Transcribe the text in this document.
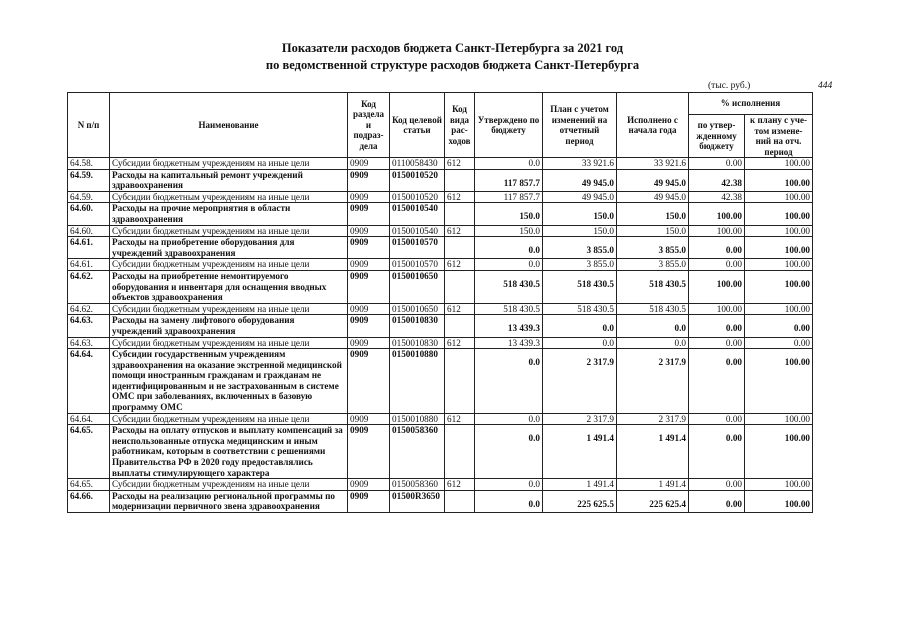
Показатели расходов бюджета Санкт-Петербурга за 2021 год
по ведомственной структуре расходов бюджета Санкт-Петербурга
(тыс. руб.)	444
N п/п	Наименование	Код раздела и подраз-дела	Код целевой статьи	Код вида рас-ходов	Утверждено по бюджету	План с учетом изменений на отчетный период	Исполнено с начала года	% исполнения	
								по утвер-жденному бюджету	к плану с уче-том измене-ний на отч. период
64.58.	Субсидии бюджетным учреждениям на иные цели	0909	0110058430	612	0.0	33 921.6	33 921.6	0.00	100.00
64.59.	Расходы на капитальный ремонт учреждений здравоохранения	0909	0150010520		117 857.7	49 945.0	49 945.0	42.38	100.00
64.59.	Субсидии бюджетным учреждениям на иные цели	0909	0150010520	612	117 857.7	49 945.0	49 945.0	42.38	100.00
64.60.	Расходы на прочие мероприятия в области здравоохранения	0909	0150010540		150.0	150.0	150.0	100.00	100.00
64.60.	Субсидии бюджетным учреждениям на иные цели	0909	0150010540	612	150.0	150.0	150.0	100.00	100.00
64.61.	Расходы на приобретение оборудования для учреждений здравоохранения	0909	0150010570		0.0	3 855.0	3 855.0	0.00	100.00
64.61.	Субсидии бюджетным учреждениям на иные цели	0909	0150010570	612	0.0	3 855.0	3 855.0	0.00	100.00
64.62.	Расходы на приобретение немонтируемого оборудования и инвентаря для оснащения вводных объектов здравоохранения	0909	0150010650		518 430.5	518 430.5	518 430.5	100.00	100.00
64.62.	Субсидии бюджетным учреждениям на иные цели	0909	0150010650	612	518 430.5	518 430.5	518 430.5	100.00	100.00
64.63.	Расходы на замену лифтового оборудования учреждений здравоохранения	0909	0150010830		13 439.3	0.0	0.0	0.00	0.00
64.63.	Субсидии бюджетным учреждениям на иные цели	0909	0150010830	612	13 439.3	0.0	0.0	0.00	0.00
64.64.	Субсидии государственным учреждениям здравоохранения на оказание экстренной медицинской помощи иностранным гражданам и гражданам не идентифицированным и не застрахованным в системе ОМС при заболеваниях, включенных в базовую программу ОМС	0909	0150010880		0.0	2 317.9	2 317.9	0.00	100.00
64.64.	Субсидии бюджетным учреждениям на иные цели	0909	0150010880	612	0.0	2 317.9	2 317.9	0.00	100.00
64.65.	Расходы на оплату отпусков и выплату компенсаций за неиспользованные отпуска медицинским и иным работникам, которым в соответствии с решениями Правительства РФ в 2020 году предоставлялись выплаты стимулирующего характера	0909	0150058360		0.0	1 491.4	1 491.4	0.00	100.00
64.65.	Субсидии бюджетным учреждениям на иные цели	0909	0150058360	612	0.0	1 491.4	1 491.4	0.00	100.00
64.66.	Расходы на реализацию региональной программы по модернизации первичного звена здравоохранения	0909	01500R3650		0.0	225 625.5	225 625.4	0.00	100.00
